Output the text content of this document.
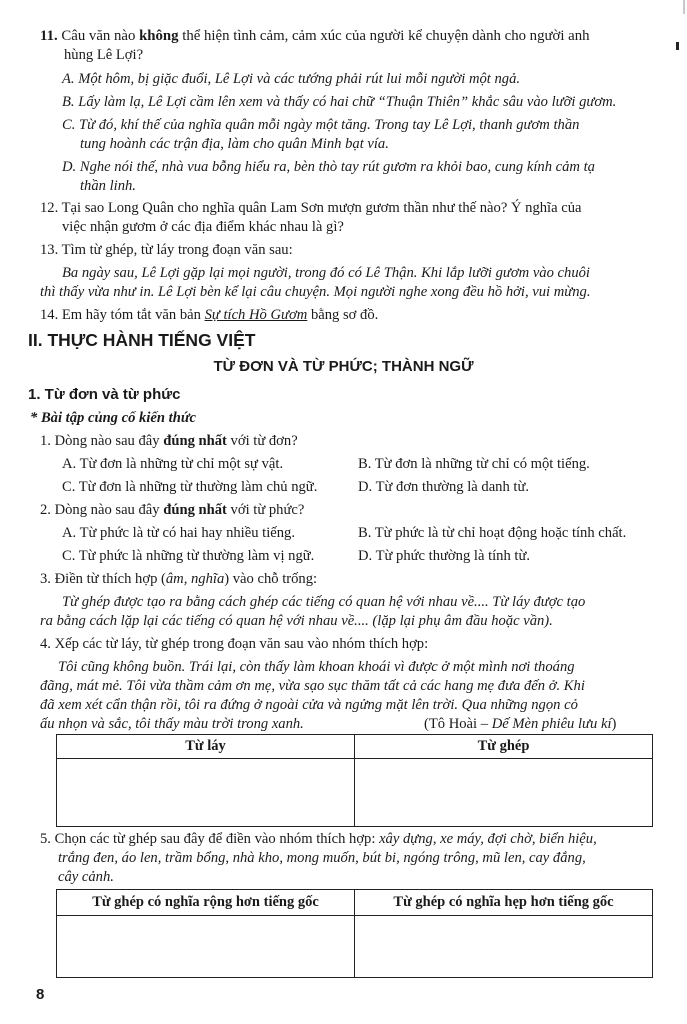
11. Câu văn nào không thể hiện tình cảm, cảm xúc của người kể chuyện dành cho người anh
hùng Lê Lợi?
A. Một hôm, bị giặc đuổi, Lê Lợi và các tướng phải rút lui mỗi người một ngả.
B. Lấy làm lạ, Lê Lợi cầm lên xem và thấy có hai chữ “Thuận Thiên” khắc sâu vào lưỡi gươm.
C. Từ đó, khí thế của nghĩa quân mỗi ngày một tăng. Trong tay Lê Lợi, thanh gươm thần
tung hoành các trận địa, làm cho quân Minh bạt vía.
D. Nghe nói thế, nhà vua bỗng hiểu ra, bèn thò tay rút gươm ra khỏi bao, cung kính cảm tạ
thần linh.
12. Tại sao Long Quân cho nghĩa quân Lam Sơn mượn gươm thần như thế nào? Ý nghĩa của
việc nhận gươm ở các địa điểm khác nhau là gì?
13. Tìm từ ghép, từ láy trong đoạn văn sau:
Ba ngày sau, Lê Lợi gặp lại mọi người, trong đó có Lê Thận. Khi lắp lưỡi gươm vào chuôi
thì thấy vừa như in. Lê Lợi bèn kể lại câu chuyện. Mọi người nghe xong đều hồ hởi, vui mừng.
14. Em hãy tóm tắt văn bản Sự tích Hồ Gươm bằng sơ đồ.
II. THỰC HÀNH TIẾNG VIỆT
TỪ ĐƠN VÀ TỪ PHỨC; THÀNH NGỮ
1. Từ đơn và từ phức
* Bài tập củng cố kiến thức
1. Dòng nào sau đây đúng nhất với từ đơn?
A. Từ đơn là những từ chỉ một sự vật.	B. Từ đơn là những từ chỉ có một tiếng.
C. Từ đơn là những từ thường làm chủ ngữ.	D. Từ đơn thường là danh từ.
2. Dòng nào sau đây đúng nhất với từ phức?
A. Từ phức là từ có hai hay nhiều tiếng.	B. Từ phức là từ chỉ hoạt động hoặc tính chất.
C. Từ phức là những từ thường làm vị ngữ.	D. Từ phức thường là tính từ.
3. Điền từ thích hợp (âm, nghĩa) vào chỗ trống:
Từ ghép được tạo ra bằng cách ghép các tiếng có quan hệ với nhau về.... Từ láy được tạo
ra bằng cách lặp lại các tiếng có quan hệ với nhau về.... (lặp lại phụ âm đầu hoặc vần).
4. Xếp các từ láy, từ ghép trong đoạn văn sau vào nhóm thích hợp:
Tôi cũng không buồn. Trái lại, còn thấy làm khoan khoái vì được ở một mình nơi thoáng
đãng, mát mẻ. Tôi vừa thầm cảm ơn mẹ, vừa sạo sục thăm tất cả các hang mẹ đưa đến ở. Khi
đã xem xét cẩn thận rồi, tôi ra đứng ở ngoài cửa và ngửng mặt lên trời. Qua những ngọn cỏ
ấu nhọn và sắc, tôi thấy màu trời trong xanh.	(Tô Hoài – Dế Mèn phiêu lưu kí)
Từ láy	Từ ghép

5. Chọn các từ ghép sau đây để điền vào nhóm thích hợp: xây dựng, xe máy, đợi chờ, biển hiệu,
trắng đen, áo len, trầm bổng, nhà kho, mong muốn, bút bi, ngóng trông, mũ len, cay đắng,
cây cảnh.
Từ ghép có nghĩa rộng hơn tiếng gốc	Từ ghép có nghĩa hẹp hơn tiếng gốc

8
